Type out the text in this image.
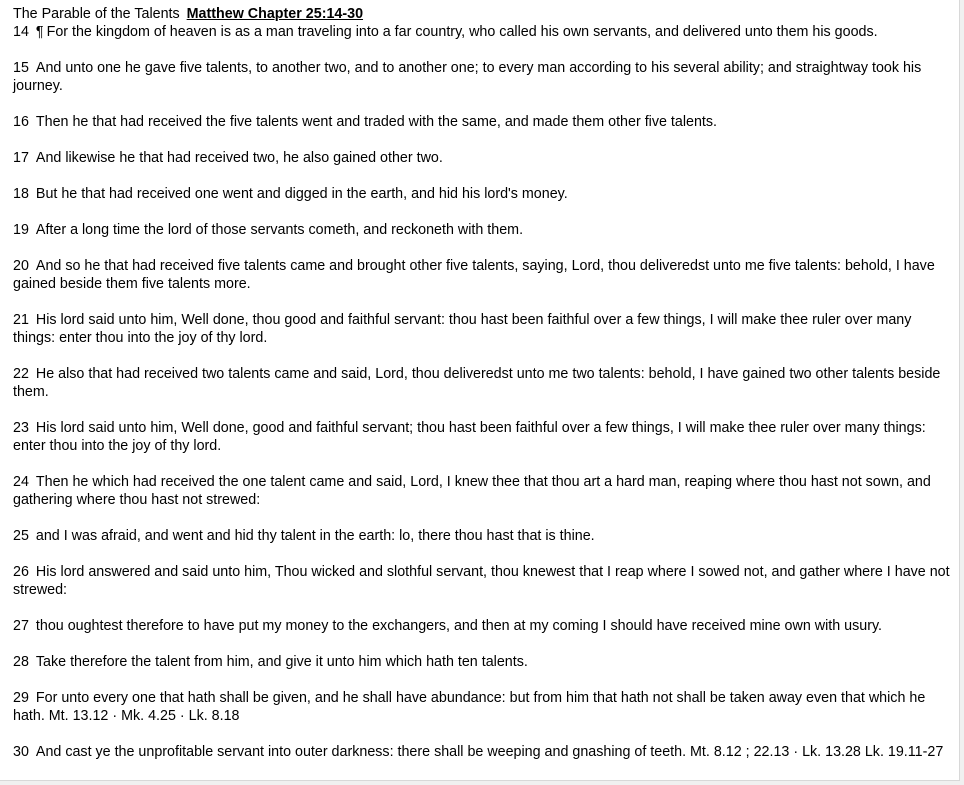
The Parable of the Talents Matthew Chapter 25:14-30
14 ¶ For the kingdom of heaven is as a man traveling into a far country, who called his own servants, and delivered unto them his goods.
15 And unto one he gave five talents, to another two, and to another one; to every man according to his several ability; and straightway took his journey.
16 Then he that had received the five talents went and traded with the same, and made them other five talents.
17 And likewise he that had received two, he also gained other two.
18 But he that had received one went and digged in the earth, and hid his lord's money.
19 After a long time the lord of those servants cometh, and reckoneth with them.
20 And so he that had received five talents came and brought other five talents, saying, Lord, thou deliveredst unto me five talents: behold, I have gained beside them five talents more.
21 His lord said unto him, Well done, thou good and faithful servant: thou hast been faithful over a few things, I will make thee ruler over many things: enter thou into the joy of thy lord.
22 He also that had received two talents came and said, Lord, thou deliveredst unto me two talents: behold, I have gained two other talents beside them.
23 His lord said unto him, Well done, good and faithful servant; thou hast been faithful over a few things, I will make thee ruler over many things: enter thou into the joy of thy lord.
24 Then he which had received the one talent came and said, Lord, I knew thee that thou art a hard man, reaping where thou hast not sown, and gathering where thou hast not strewed:
25 and I was afraid, and went and hid thy talent in the earth: lo, there thou hast that is thine.
26 His lord answered and said unto him, Thou wicked and slothful servant, thou knewest that I reap where I sowed not, and gather where I have not strewed:
27 thou oughtest therefore to have put my money to the exchangers, and then at my coming I should have received mine own with usury.
28 Take therefore the talent from him, and give it unto him which hath ten talents.
29 For unto every one that hath shall be given, and he shall have abundance: but from him that hath not shall be taken away even that which he hath. Mt. 13.12 · Mk. 4.25 · Lk. 8.18
30 And cast ye the unprofitable servant into outer darkness: there shall be weeping and gnashing of teeth. Mt. 8.12 ; 22.13 · Lk. 13.28 Lk. 19.11-27
